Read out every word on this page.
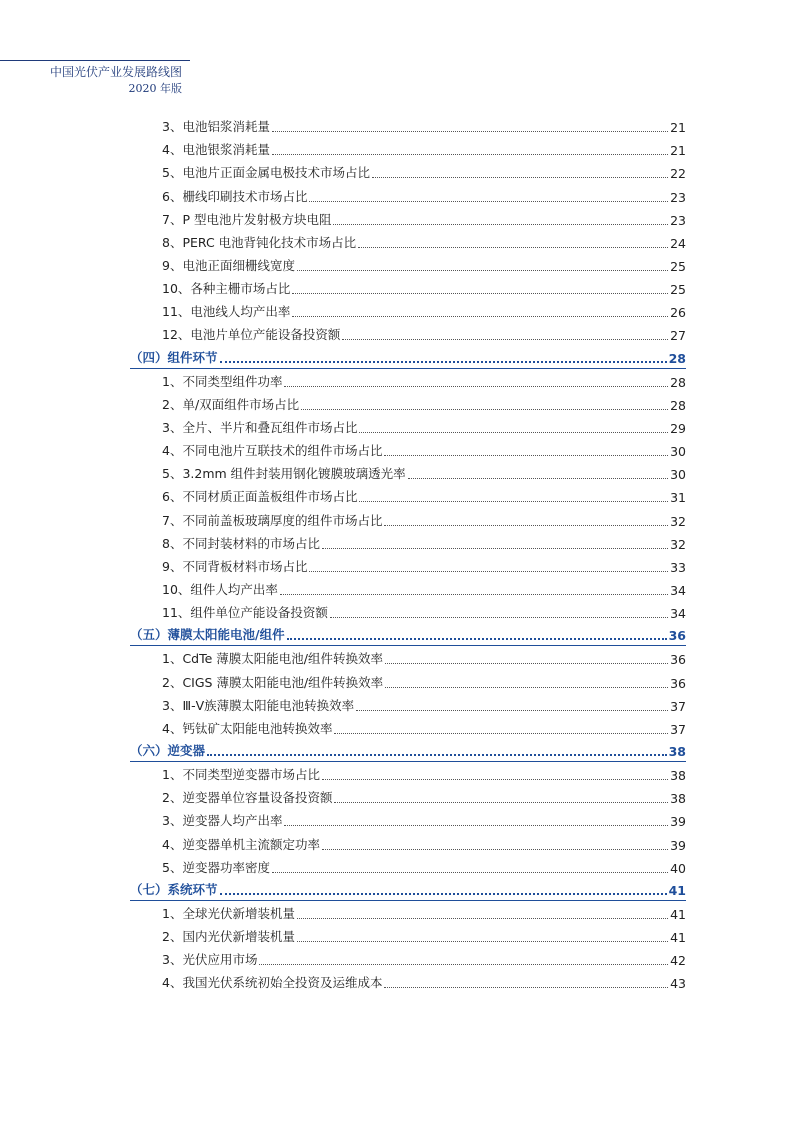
中国光伏产业发展路线图
2020 年版
3、电池铝浆消耗量	21
4、电池银浆消耗量	21
5、电池片正面金属电极技术市场占比	22
6、栅线印刷技术市场占比	23
7、P 型电池片发射极方块电阻	23
8、PERC 电池背钝化技术市场占比	24
9、电池正面细栅线宽度	25
10、各种主栅市场占比	25
11、电池线人均产出率	26
12、电池片单位产能设备投资额	27
（四）组件环节	28
1、不同类型组件功率	28
2、单/双面组件市场占比	28
3、全片、半片和叠瓦组件市场占比	29
4、不同电池片互联技术的组件市场占比	30
5、3.2mm 组件封装用钢化镀膜玻璃透光率	30
6、不同材质正面盖板组件市场占比	31
7、不同前盖板玻璃厚度的组件市场占比	32
8、不同封装材料的市场占比	32
9、不同背板材料市场占比	33
10、组件人均产出率	34
11、组件单位产能设备投资额	34
（五）薄膜太阳能电池/组件	36
1、CdTe 薄膜太阳能电池/组件转换效率	36
2、CIGS 薄膜太阳能电池/组件转换效率	36
3、Ⅲ-Ⅴ族薄膜太阳能电池转换效率	37
4、钙钛矿太阳能电池转换效率	37
（六）逆变器	38
1、不同类型逆变器市场占比	38
2、逆变器单位容量设备投资额	38
3、逆变器人均产出率	39
4、逆变器单机主流额定功率	39
5、逆变器功率密度	40
（七）系统环节	41
1、全球光伏新增装机量	41
2、国内光伏新增装机量	41
3、光伏应用市场	42
4、我国光伏系统初始全投资及运维成本	43
